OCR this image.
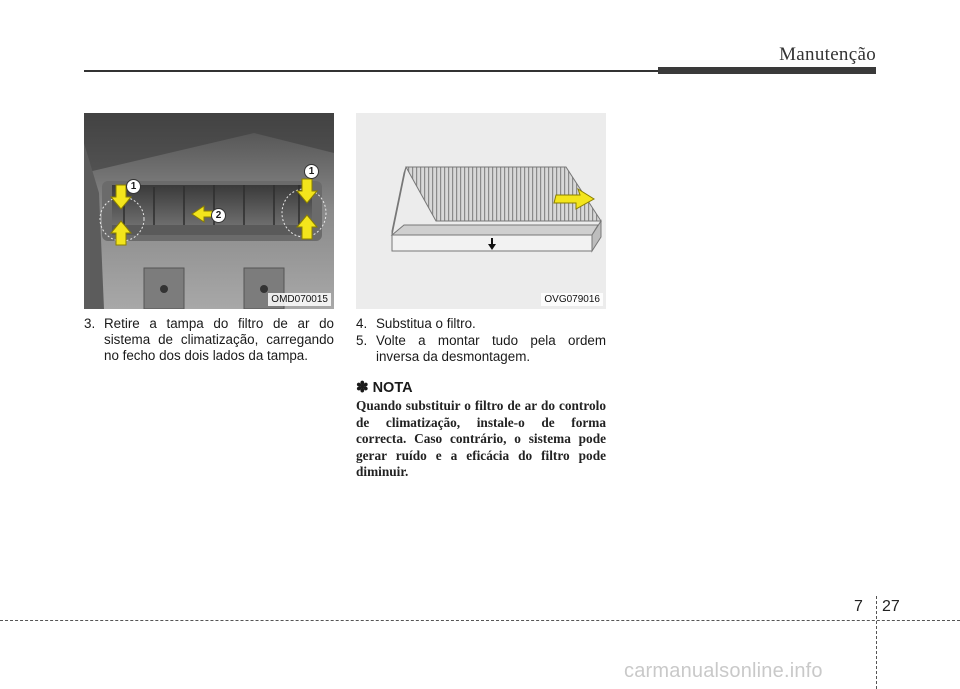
Manutenção
1
1
2
OMD070015	OVG079016
3. Retire a tampa do filtro de ar do sistema de climatização, carregando no fecho dos dois lados da tampa.
4. Substitua o filtro.
5. Volte a montar tudo pela ordem inversa da desmontagem.
✽ NOTA
Quando substituir o filtro de ar do controlo de climatização, instale-o de forma correcta. Caso contrário, o sistema pode gerar ruído e a eficácia do filtro pode diminuir.
7 27
carmanualsonline.info
